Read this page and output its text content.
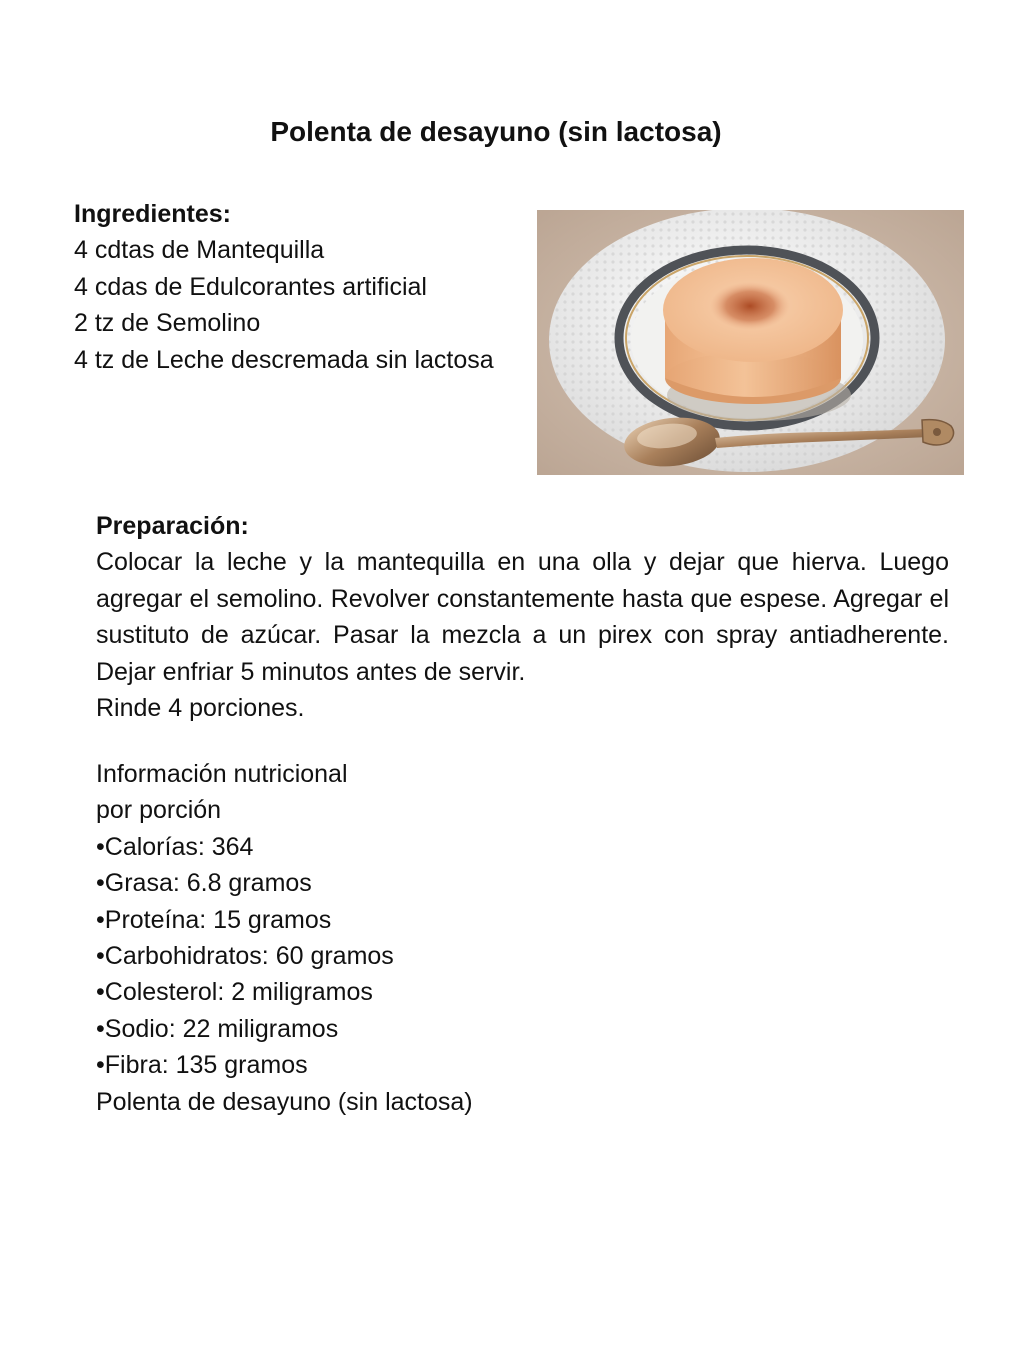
Polenta de desayuno (sin lactosa)
Ingredientes:
4 cdtas de Mantequilla
4 cdas de Edulcorantes artificial
2 tz de Semolino
4 tz de Leche descremada sin lactosa
Preparación:

Colocar la leche y la mantequilla en una olla y dejar que hierva. Luego agregar el semolino. Revolver constantemente hasta que espese. Agregar el sustituto de azúcar. Pasar la mezcla a un pirex con spray antiadherente. Dejar enfriar 5 minutos antes de servir.

Rinde 4 porciones.

Información nutricional
por porción
•Calorías: 364
•Grasa: 6.8 gramos
•Proteína: 15 gramos
•Carbohidratos: 60 gramos
•Colesterol: 2 miligramos
•Sodio: 22 miligramos
•Fibra: 135 gramos
Polenta de desayuno (sin lactosa)
